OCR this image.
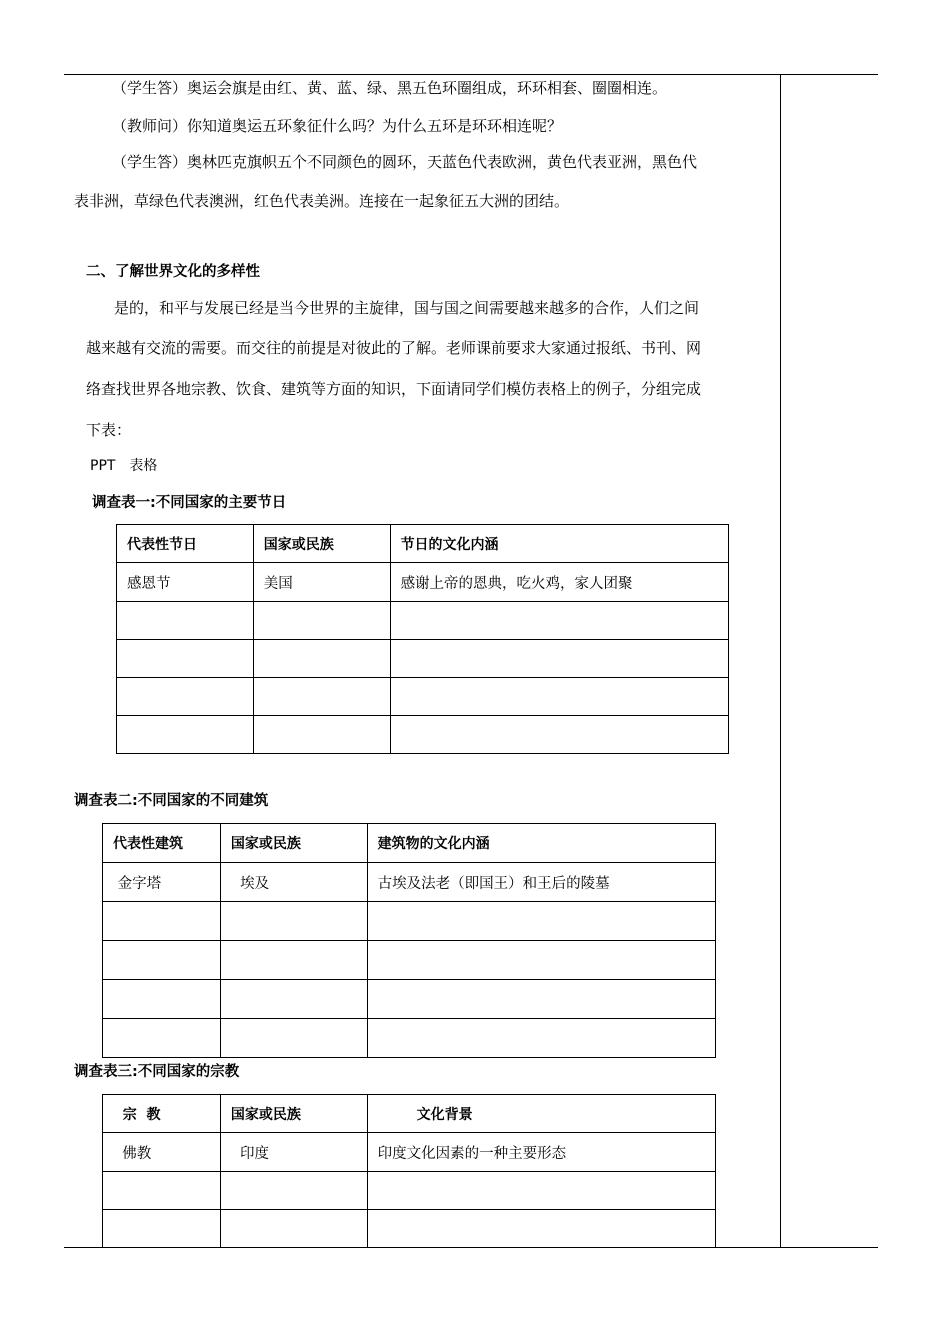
（学生答）奥运会旗是由红、黄、蓝、绿、黑五色环圈组成，环环相套、圈圈相连。
（教师问）你知道奥运五环象征什么吗？为什么五环是环环相连呢？
（学生答）奥林匹克旗帜五个不同颜色的圆环，天蓝色代表欧洲，黄色代表亚洲，黑色代
表非洲，草绿色代表澳洲，红色代表美洲。连接在一起象征五大洲的团结。
二、了解世界文化的多样性
是的，和平与发展已经是当今世界的主旋律，国与国之间需要越来越多的合作，人们之间
越来越有交流的需要。而交往的前提是对彼此的了解。老师课前要求大家通过报纸、书刊、网
络查找世界各地宗教、饮食、建筑等方面的知识，下面请同学们模仿表格上的例子，分组完成
下表：
PPT　表格
调查表一:不同国家的主要节日
代表性节日	国家或民族	节日的文化内涵
感恩节	美国	感谢上帝的恩典，吃火鸡，家人团聚

调查表二:不同国家的不同建筑
代表性建筑	国家或民族	建筑物的文化内涵
金字塔	埃及	古埃及法老（即国王）和王后的陵墓

调查表三:不同国家的宗教
宗  教	国家或民族	文化背景
佛教	印度	印度文化因素的一种主要形态
